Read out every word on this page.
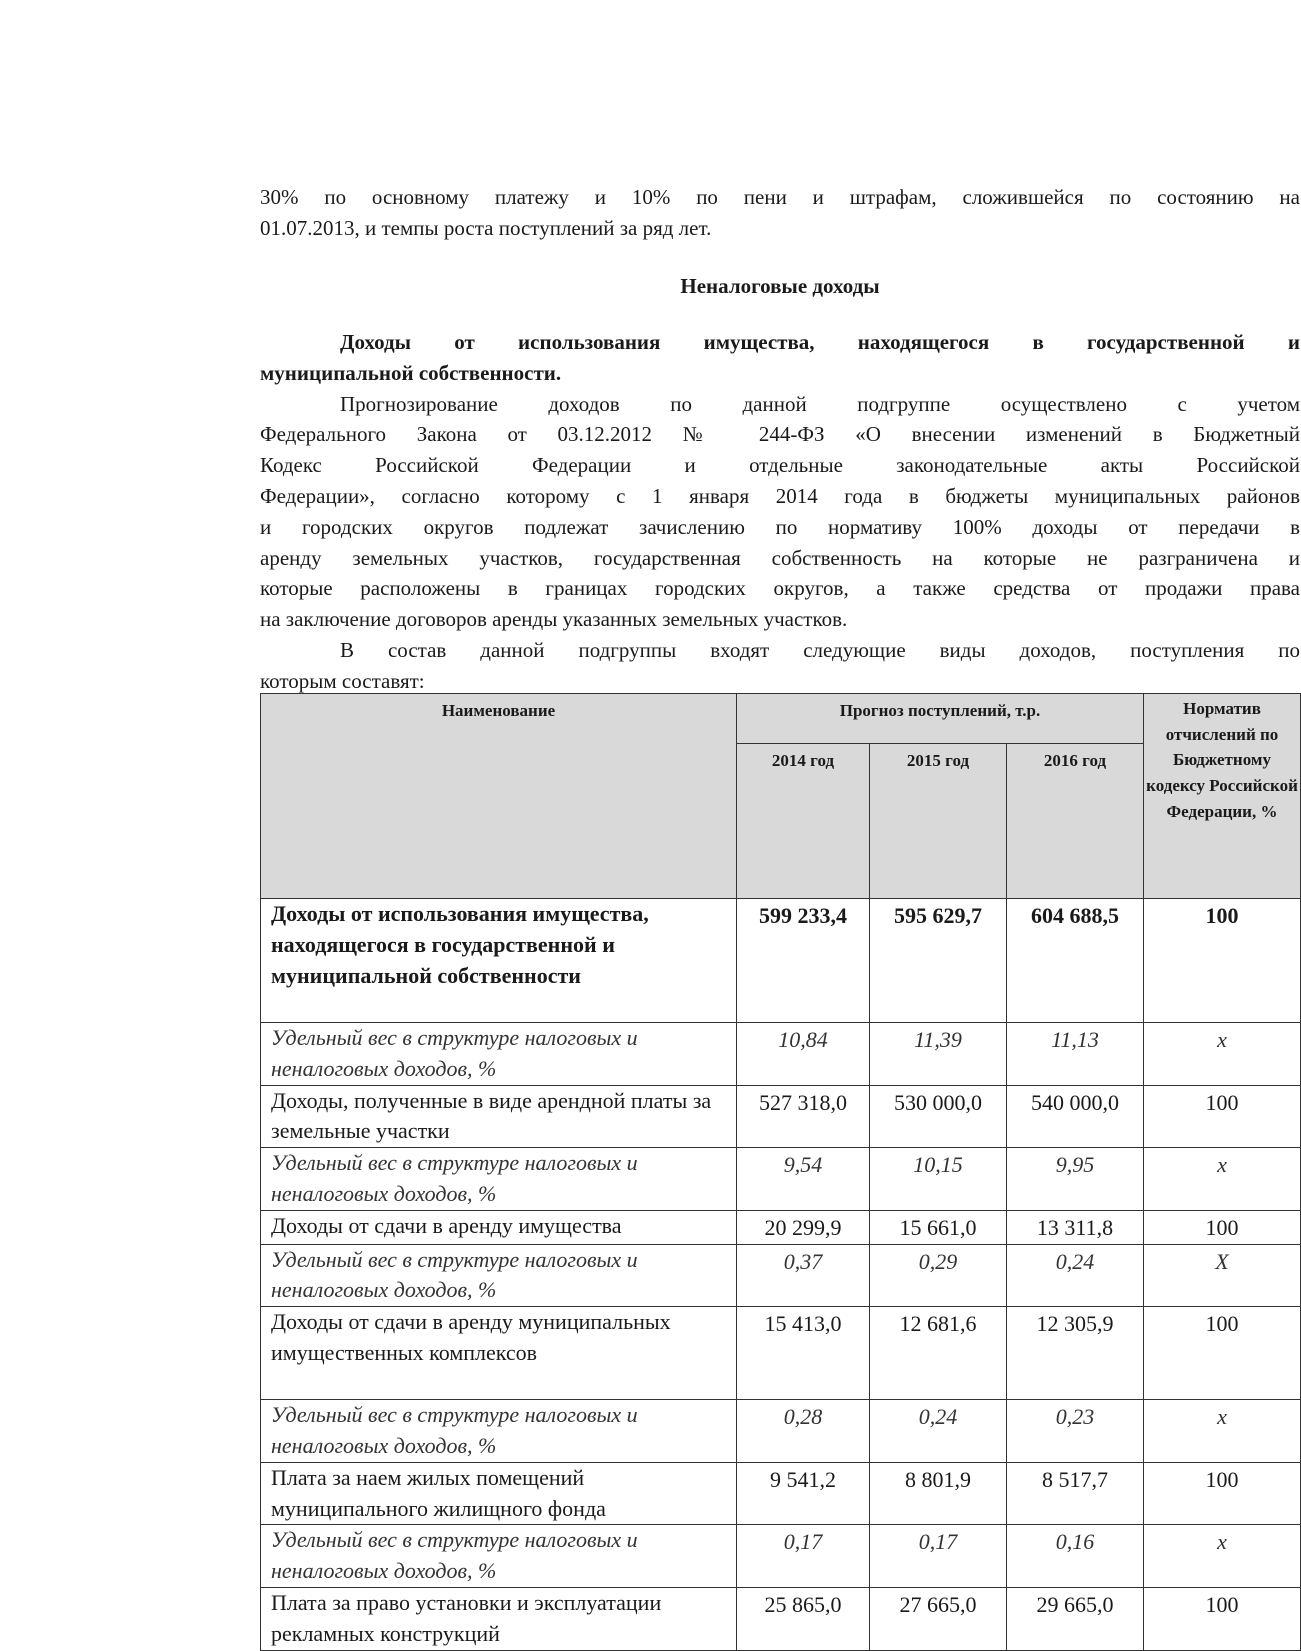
30% по основному платежу и 10% по пени и штрафам, сложившейся по состоянию на
01.07.2013, и темпы роста поступлений за ряд лет.
Неналоговые доходы
Доходы от использования имущества, находящегося в государственной и
муниципальной собственности.
Прогнозирование доходов по данной подгруппе осуществлено с учетом
Федерального Закона от 03.12.2012 № 244-ФЗ «О внесении изменений в Бюджетный
Кодекс Российской Федерации и отдельные законодательные акты Российской
Федерации», согласно которому с 1 января 2014 года в бюджеты муниципальных районов
и городских округов подлежат зачислению по нормативу 100% доходы от передачи в
аренду земельных участков, государственная собственность на которые не разграничена и
которые расположены в границах городских округов, а также средства от продажи права
на заключение договоров аренды указанных земельных участков.
В состав данной подгруппы входят следующие виды доходов, поступления по
которым составят:
Наименование	Прогноз поступлений, т.р.			Норматив отчислений по Бюджетному кодексу Российской Федерации, %
	2014 год	2015 год	2016 год	
Доходы от использования имущества, находящегося в государственной и муниципальной собственности	599 233,4	595 629,7	604 688,5	100
Удельный вес в структуре налоговых и неналоговых доходов, %	10,84	11,39	11,13	х
Доходы, полученные в виде арендной платы за земельные участки	527 318,0	530 000,0	540 000,0	100
Удельный вес в структуре налоговых и неналоговых доходов, %	9,54	10,15	9,95	х
Доходы от сдачи в аренду имущества	20 299,9	15 661,0	13 311,8	100
Удельный вес в структуре налоговых и неналоговых доходов, %	0,37	0,29	0,24	Х
Доходы от сдачи в аренду муниципальных имущественных комплексов	15 413,0	12 681,6	12 305,9	100
Удельный вес в структуре налоговых и неналоговых доходов, %	0,28	0,24	0,23	х
Плата за наем жилых помещений муниципального жилищного фонда	9 541,2	8 801,9	8 517,7	100
Удельный вес в структуре налоговых и неналоговых доходов, %	0,17	0,17	0,16	х
Плата за право установки и эксплуатации рекламных конструкций	25 865,0	27 665,0	29 665,0	100
